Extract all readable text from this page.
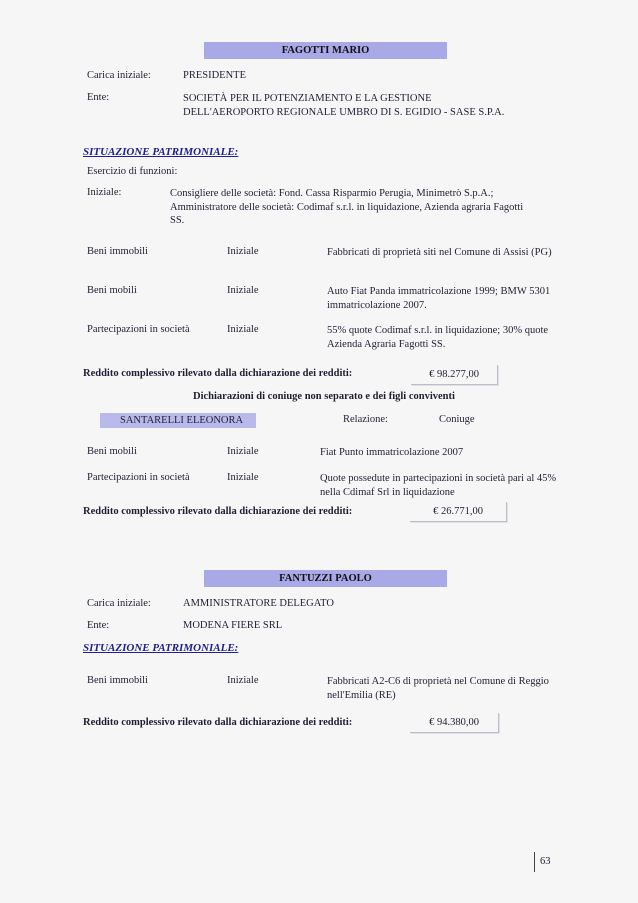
FAGOTTI MARIO
Carica iniziale:	PRESIDENTE
Ente:	SOCIETÀ PER IL POTENZIAMENTO E LA GESTIONE DELL'AEROPORTO REGIONALE UMBRO DI S. EGIDIO - SASE S.P.A.
SITUAZIONE PATRIMONIALE:
Esercizio di funzioni:
Iniziale:	Consigliere delle società: Fond. Cassa Risparmio Perugia, Minimetrò S.p.A.; Amministratore delle società: Codimaf s.r.l. in liquidazione, Azienda agraria Fagotti SS.
Beni immobili	Iniziale	Fabbricati di proprietà siti nel Comune di Assisi (PG)
Beni mobili	Iniziale	Auto Fiat Panda immatricolazione 1999; BMW 5301 immatricolazione 2007.
Partecipazioni in società	Iniziale	55% quote Codimaf s.r.l. in liquidazione; 30% quote Azienda Agraria Fagotti SS.
Reddito complessivo rilevato dalla dichiarazione dei redditi:	€ 98.277,00
Dichiarazioni di coniuge non separato e dei figli conviventi
SANTARELLI ELEONORA	Relazione:	Coniuge
Beni mobili	Iniziale	Fiat Punto immatricolazione 2007
Partecipazioni in società	Iniziale	Quote possedute in partecipazioni in società pari al 45% nella Cdimaf Srl in liquidazione
Reddito complessivo rilevato dalla dichiarazione dei redditi:	€ 26.771,00
FANTUZZI PAOLO
Carica iniziale:	AMMINISTRATORE DELEGATO
Ente:	MODENA FIERE SRL
SITUAZIONE PATRIMONIALE:
Beni immobili	Iniziale	Fabbricati A2-C6 di proprietà nel Comune di Reggio nell'Emilia (RE)
Reddito complessivo rilevato dalla dichiarazione dei redditi:	€ 94.380,00
63
